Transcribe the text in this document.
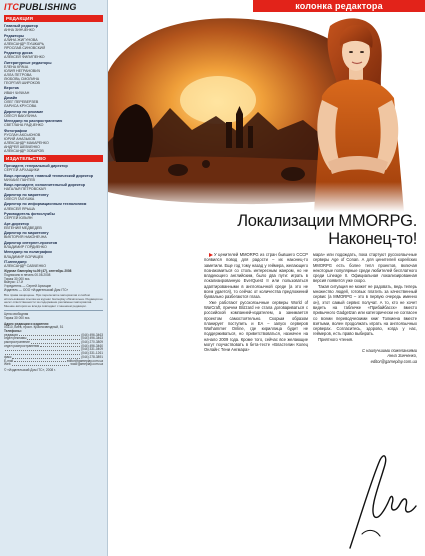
ITCPUBLISHING
РЕДАКЦИЯ
Главный редактор
АННА ЗИНЧЕНКО
Редакторы
АЛИНА ЖИГУНОВА
АЛЕКСАНДР ПУШКАРЬ
ЯРОСЛАВ СИНОВСКИЙ
Редактор диска
АЛЕКСЕЙ ФИЛИПЕНКО
Литературные редакторы
ЕЛЕНА КРАЧА
ЮЛИЯ НЕГРАНОВИЧ
АЛЛА ПЕТРОВА
ЛЮБОВЬ СМОЛИНА
ГЕОРГИЙ ШИРОКОВ
Верстка
ИВАН ЧИЧКАН
Дизайн
ОЛЕГ ПЕРЕВЕРЗЕВ
ЛАРИСА КРУСОВА
Директор по рекламе
ОЛЕСЯ ВАКУЛИНА
Менеджер по распространению
СВЕТЛАНА РАДЧЕНКО
Фотографии
РУСЛАН АКСЬЮНОВ
ЮРИЙ АНАЗЬКОВ
АЛЕКСАНДР МАКАРЕНКО
АНДРЕЙ ШЕВЧЕНКО
АЛЕКСАНДР ЗОБАРОВ
ИЗДАТЕЛЬСТВО
Президент, генеральный директор
СЕРГЕЙ АРХАЩИКИ
Вице-президент, главный технический директор
МИХАИЛ ПАНТЕВ
Вице-президент, исполнительный директор
НАТАЛЬЯ ПЕТРОВСКАЯ
Директор по маркетингу
ОЛЕСЯ ГАЛУШКА
Директор по информационным технологиям
АЛЕКСЕЙ ЯРЬША
Руководитель фотослужбы
СЕРГЕЙ ЮЛЬЯН
Арт-директор
ЕВГЕНИЙ МЕДВЕДЕВ
Директор по маркетингу
ВИКТОРИЯ НАКОНЕЧНА
Директор интернет-проектов
ВЛАДИМИР ГОРДИЕНКО
Менеджер по полиграфии
ВЛАДИМИР БОРИЩЕК
IT-менеджер
АЛЕКСАНДР САВЧЕНКО
Журнал Gameplay №09 (47), сентябрь 2008
Подписано в печать 00.08.2008
Тираж 30 000 экз.
Выпуск: 17-й
Учредитель — Сергей Архищин
Издатель — ООО «Издательский Дом ITC»
Все права защищены. При перепечатке материалов и любом использовании ссылка на журнал Gameplay обязательна. Редакция не несет ответственности за содержание рекламных материалов. Мнение авторов не всегда совпадает с мнением редакции.
Цена свободная
Тираж 30 000 экз.
Адрес редакции и издателя:
03110, Киев, просп. Краснозвездный, 51
Телефоны:
редакция	(044) 496-3463
отдел рекламы	(044) 496-3463
распространение	(044) 270-3809
отдел распространения	(044) 496-3460
(044) 331-0409
(044) 331-1261
факс	(044) 278-3891
E-mail	editor@gameplay.com.ua
Web	www.gameplay.com.ua
© «Издательский Дом ITC», 2008 г.
колонка редактора
Локализации MMORPG.
Наконец-то!

У ценителей MMORPG из стран бывшего СССР появился повод для радости – их наконец-то заметили. Еще год тому назад у геймера, желающего познакомиться со столь интересным жанром, но не владеющего английским, было два пути: играть в локализированную EverQuest II или пользоваться адаптированными в англоязычной среде (а это не всем удается), то сейчас от количества предложений буквально разбегаются глаза.

Уже работают русскоязычные серверы World of WarCraft, причем Blizzard не стала договариваться с российской компанией-издателем, а занимается проектом самостоятельно. Скорым образом планирует поступить и EA – запуск серверов Warhammer Online, где кириллица будет не поддерживаться, но приветствоваться, назначен на начало 2009 года. Кроме того, сейчас все желающие могут поучаствовать в бета-тесте «Властелин Колец Онлайн: Тени Ангмара»

мара» или подождать, пока стартуют русскоязычные серверы Age of Conan. А для ценителей корейских MMORPG есть более тепл проектов, включая некоторые популярные среди любителей бесплатного среди Lineage II. Официальная локализированная версия появится уже скоро.

Такая ситуация не может не радовать, ведь теперь множество людей, готовых платить за качественный сервис (а MMORPG – это в первую очередь именно он), этот самый сервис получат. А то, кто не хочет видеть на табличке «Прибайбасск» вместо привычного Gadgetzan или категорически не согласен со всеми переводческими книг Толкиена вместе взятыми, волен продолжать играть на англоязычных серверах. Согласитесь, здорово, когда у нас, геймеров, есть право выбирать.

Приятного чтения.

С наилучшими пожеланиями
Анна Зинченко,
editor@gameplay.com.ua
